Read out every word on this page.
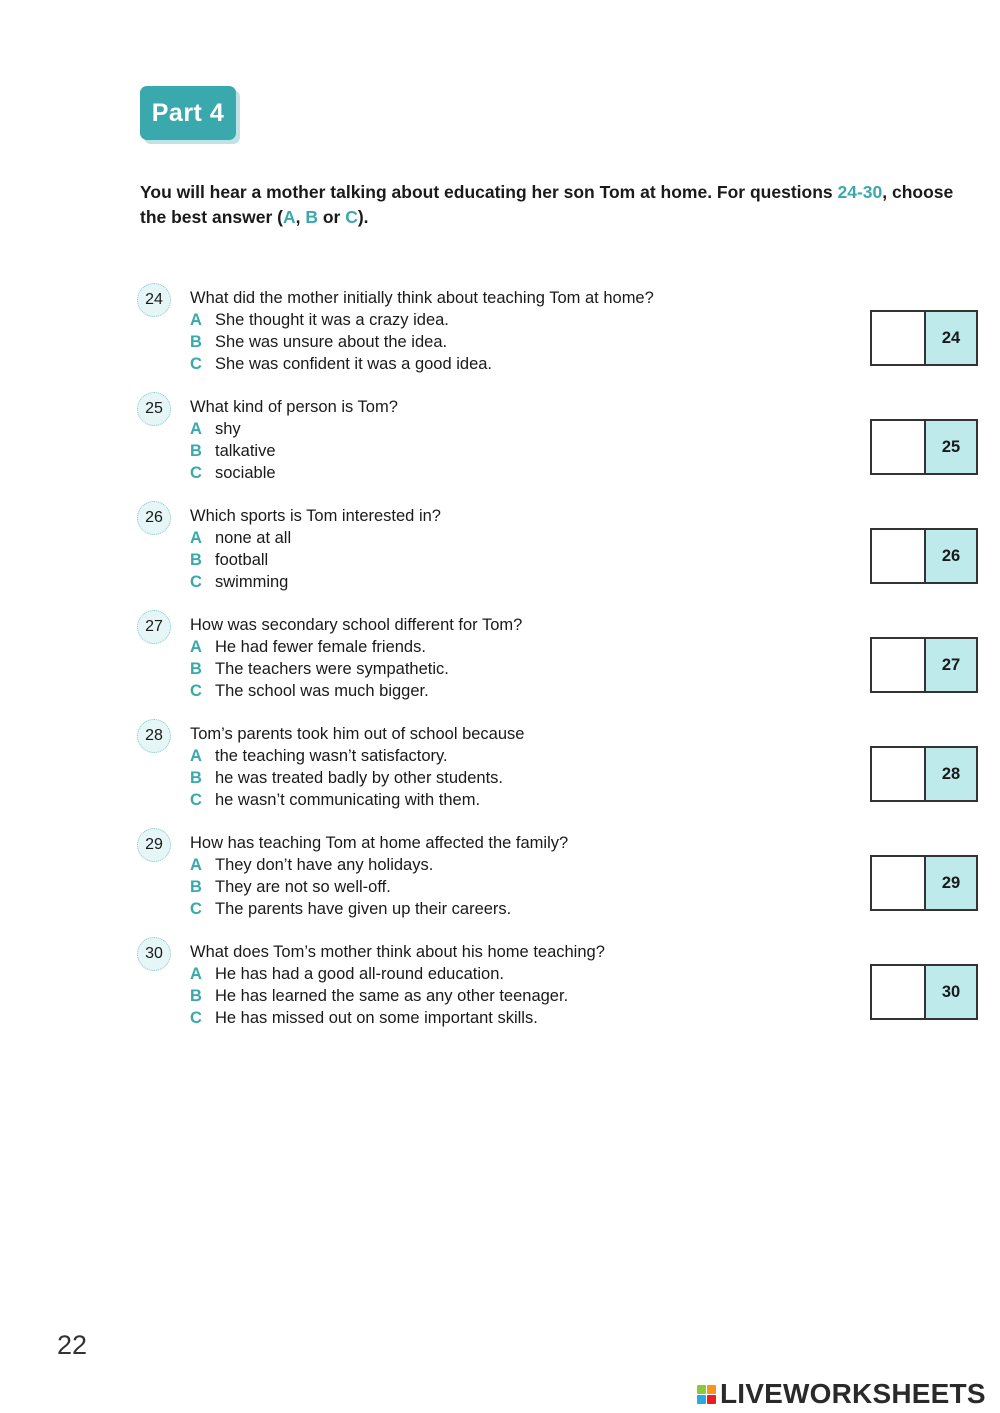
Part 4

You will hear a mother talking about educating her son Tom at home. For questions 24-30, choose the best answer (A, B or C).

24	What did the mother initially think about teaching Tom at home?
A She thought it was a crazy idea.
B She was unsure about the idea.
C She was confident it was a good idea.
24
25	What kind of person is Tom?
A shy
B talkative
C sociable
25
26	Which sports is Tom interested in?
A none at all
B football
C swimming
26
27	How was secondary school different for Tom?
A He had fewer female friends.
B The teachers were sympathetic.
C The school was much bigger.
27
28	Tom’s parents took him out of school because
A the teaching wasn’t satisfactory.
B he was treated badly by other students.
C he wasn’t communicating with them.
28
29	How has teaching Tom at home affected the family?
A They don’t have any holidays.
B They are not so well-off.
C The parents have given up their careers.
29
30	What does Tom’s mother think about his home teaching?
A He has had a good all-round education.
B He has learned the same as any other teenager.
C He has missed out on some important skills.
30
22
LIVEWORKSHEETS
